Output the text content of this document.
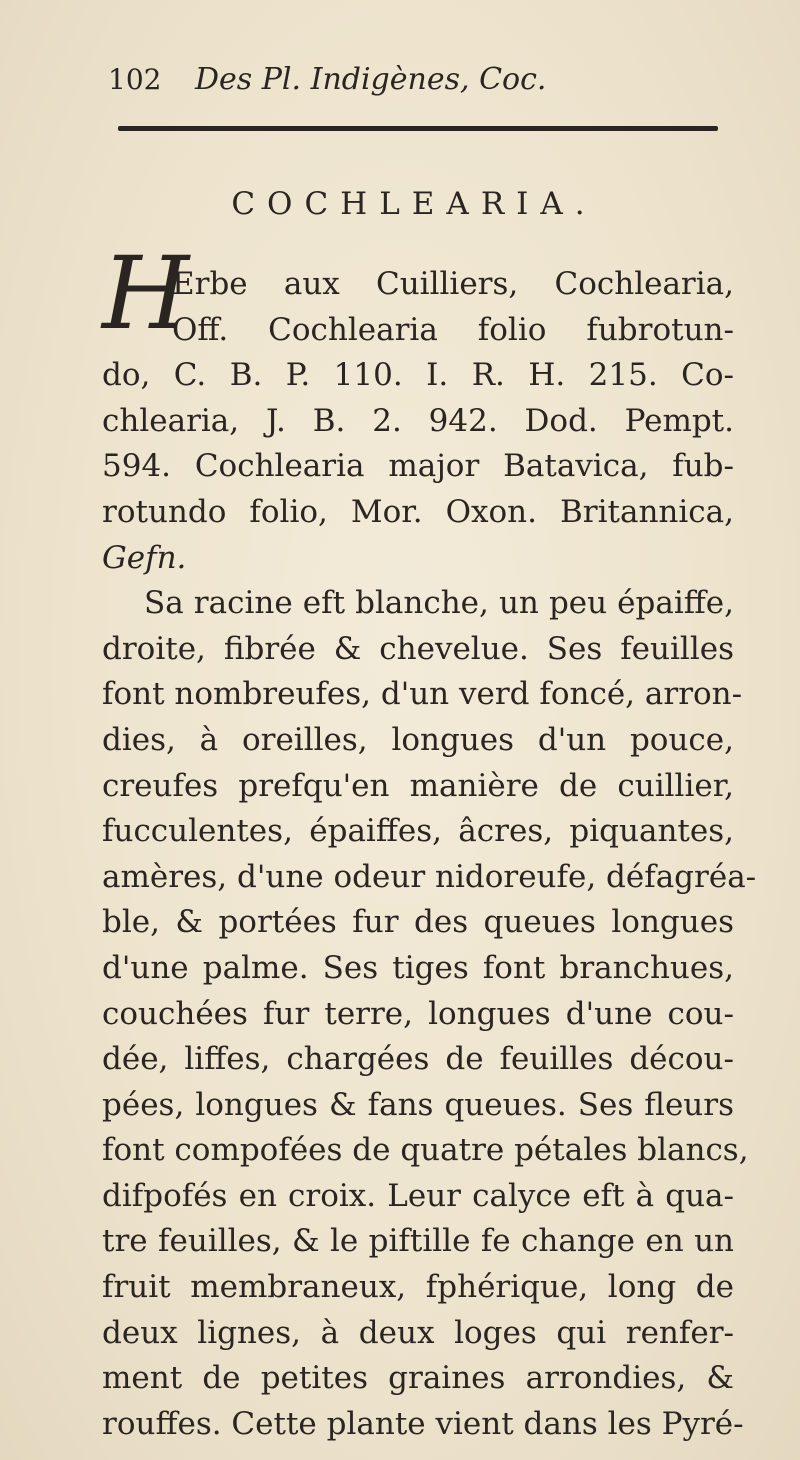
102 Des Pl. Indigènes, Coc.
COCHLEARIA.
H
Erbe aux Cuilliers, Cochlearia,
Off. Cochlearia folio fubrotun-
do, C. B. P. 110. I. R. H. 215. Co-
chlearia, J. B. 2. 942. Dod. Pempt.
594. Cochlearia major Batavica, fub-
rotundo folio, Mor. Oxon. Britannica,
Gefn.
Sa racine eft blanche, un peu épaiffe,
droite, fibrée & chevelue. Ses feuilles
font nombreufes, d'un verd foncé, arron-
dies, à oreilles, longues d'un pouce,
creufes prefqu'en manière de cuillier,
fucculentes, épaiffes, âcres, piquantes,
amères, d'une odeur nidoreufe, défagréa-
ble, & portées fur des queues longues
d'une palme. Ses tiges font branchues,
couchées fur terre, longues d'une cou-
dée, liffes, chargées de feuilles décou-
pées, longues & fans queues. Ses fleurs
font compofées de quatre pétales blancs,
difpofés en croix. Leur calyce eft à qua-
tre feuilles, & le piftille fe change en un
fruit membraneux, fphérique, long de
deux lignes, à deux loges qui renfer-
ment de petites graines arrondies, &
rouffes. Cette plante vient dans les Pyré-
